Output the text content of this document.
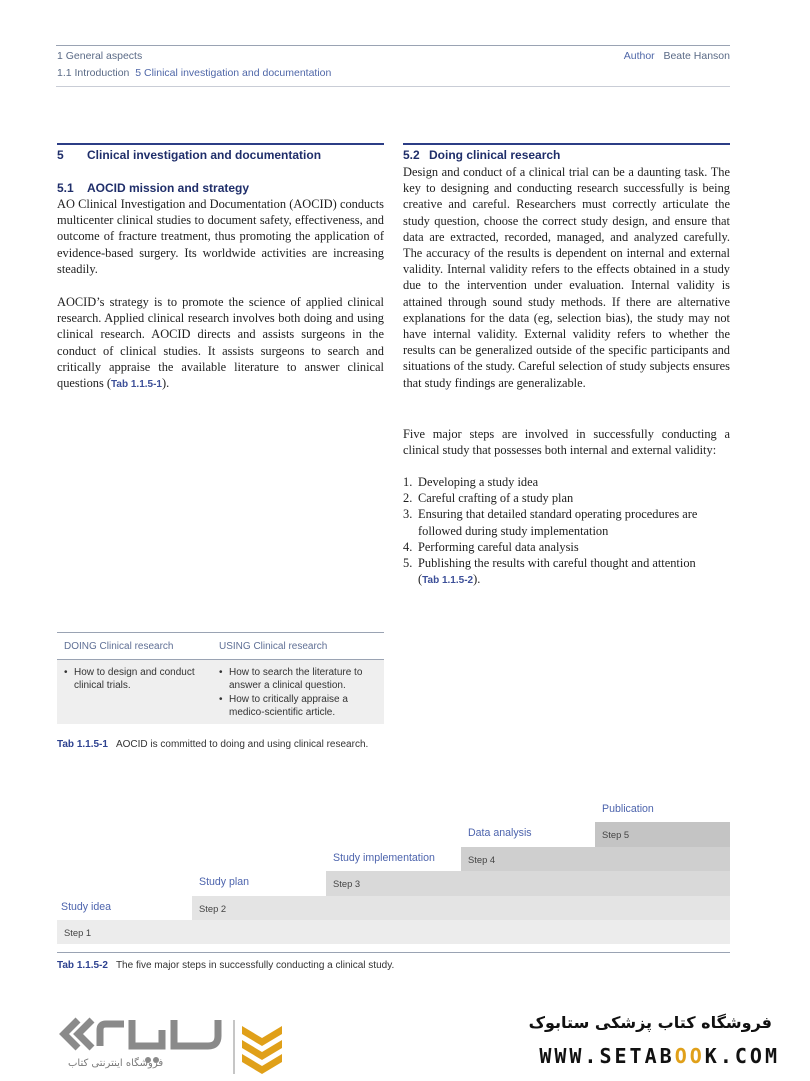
1 General aspects
1.1 Introduction 5 Clinical investigation and documentation
Author Beate Hanson
5 Clinical investigation and documentation
5.1 AOCID mission and strategy
AO Clinical Investigation and Documentation (AOCID) conducts multicenter clinical studies to document safety, effectiveness, and outcome of fracture treatment, thus promoting the application of evidence-based surgery. Its worldwide activities are increasing steadily.
AOCID’s strategy is to promote the science of applied clinical research. Applied clinical research involves both doing and using clinical research. AOCID directs and assists surgeons in the conduct of clinical studies. It assists surgeons to search and critically appraise the available literature to answer clinical questions (Tab 1.1.5-1).
DOING Clinical research	USING Clinical research
• How to design and conduct clinical trials.
• How to search the literature to answer a clinical question.
• How to critically appraise a medico-scientific article.
Tab 1.1.5-1 AOCID is committed to doing and using clinical research.
5.2 Doing clinical research
Design and conduct of a clinical trial can be a daunting task. The key to designing and conducting research successfully is being creative and careful. Researchers must correctly articulate the study question, choose the correct study design, and ensure that data are extracted, recorded, managed, and analyzed carefully. The accuracy of the results is dependent on internal and external validity. Internal validity refers to the effects obtained in a study due to the intervention under evaluation. Internal validity is attained through sound study methods. If there are alternative explanations for the data (eg, selection bias), the study may not have internal validity. External validity refers to whether the results can be generalized outside of the specific participants and situations of the study. Careful selection of study subjects ensures that study findings are generalizable.
Five major steps are involved in successfully conducting a clinical study that possesses both internal and external validity:
1. Developing a study idea
2. Careful crafting of a study plan
3. Ensuring that detailed standard operating procedures are followed during study implementation
4. Performing careful data analysis
5. Publishing the results with careful thought and attention (Tab 1.1.5-2).
Study idea
Study plan
Study implementation
Data analysis
Publication
Step 1
Step 2
Step 3
Step 4
Step 5
Tab 1.1.5-2 The five major steps in successfully conducting a clinical study.
فروشگاه اینترنتی کتاب
فروشگاه کتاب پزشکی ستابوک
WWW.SETABOOK.COM
